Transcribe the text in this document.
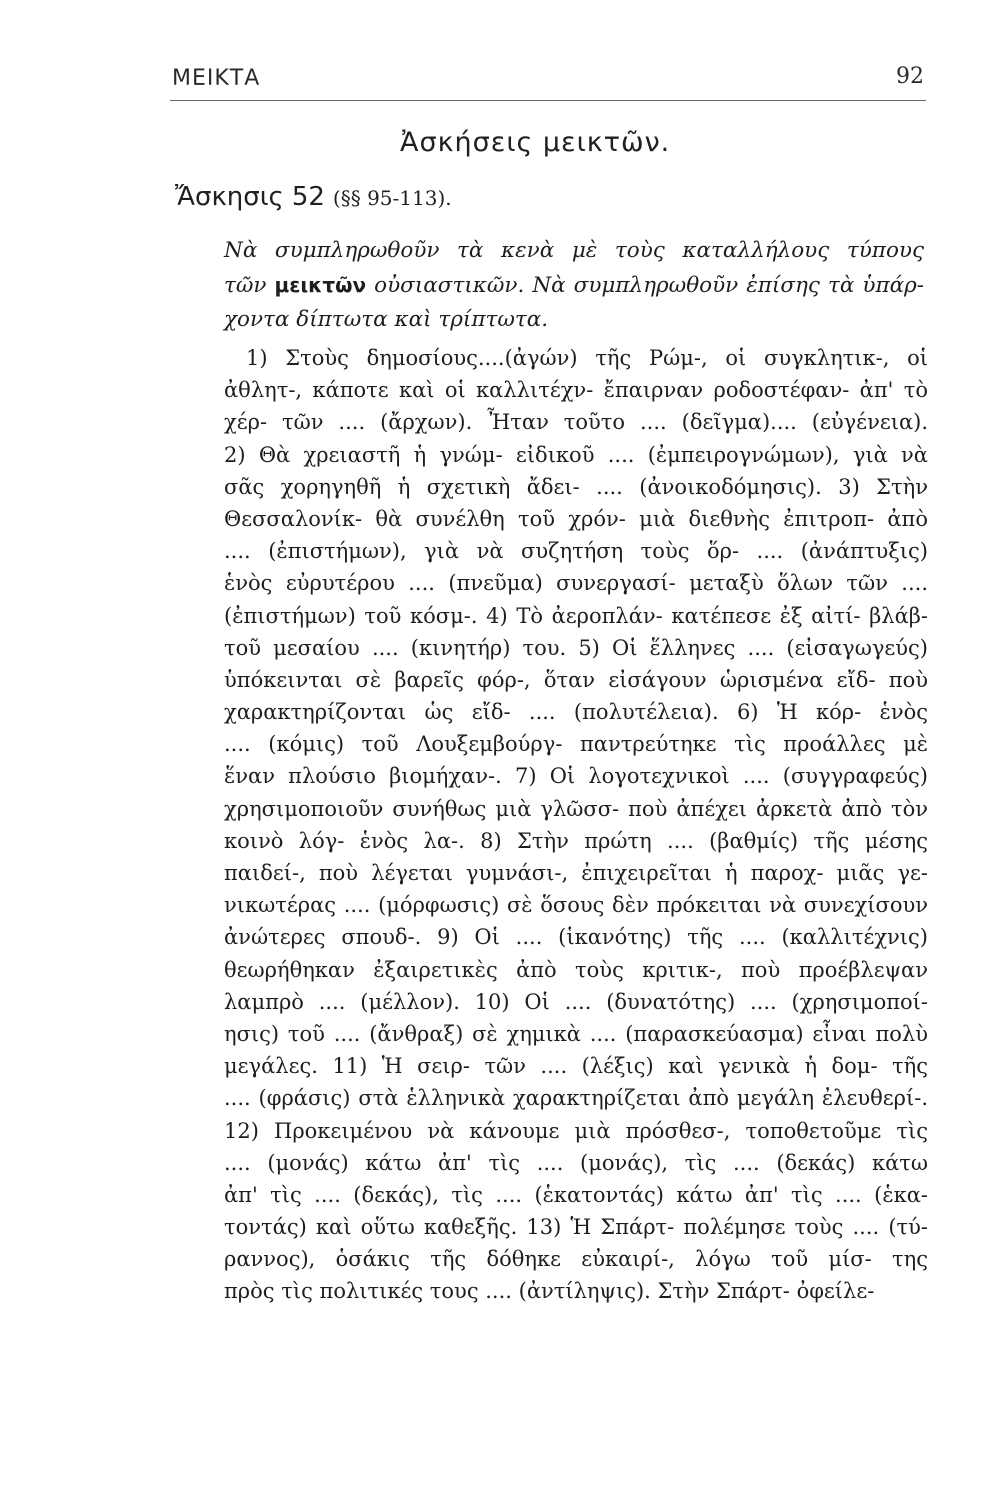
ΜΕΙΚΤΑ	92
Ἀσκήσεις μεικτῶν.
Ἄσκησις 52 (§§ 95-113).
Νὰ συμπληρωθοῦν τὰ κενὰ μὲ τοὺς καταλλήλους τύπους
τῶν μεικτῶν οὐσιαστικῶν. Νὰ συμπληρωθοῦν ἐπίσης τὰ ὑπάρ-
χοντα δίπτωτα καὶ τρίπτωτα.
1) Στοὺς δημοσίους....(ἀγών) τῆς Ρώμ-, οἱ συγκλητικ-, οἱ
ἀθλητ-, κάποτε καὶ οἱ καλλιτέχν- ἔπαιρναν ροδοστέφαν- ἀπ' τὸ
χέρ- τῶν .... (ἄρχων). Ἦταν τοῦτο .... (δεῖγμα).... (εὐγένεια).
2) Θὰ χρειαστῆ ἡ γνώμ- εἰδικοῦ .... (ἐμπειρογνώμων), γιὰ νὰ
σᾶς χορηγηθῆ ἡ σχετικὴ ἄδει- .... (ἀνοικοδόμησις). 3) Στὴν
Θεσσαλονίκ- θὰ συνέλθη τοῦ χρόν- μιὰ διεθνὴς ἐπιτροπ- ἀπὸ
.... (ἐπιστήμων), γιὰ νὰ συζητήση τοὺς ὅρ- .... (ἀνάπτυξις)
ἑνὸς εὐρυτέρου .... (πνεῦμα) συνεργασί- μεταξὺ ὅλων τῶν ....
(ἐπιστήμων) τοῦ κόσμ-. 4) Τὸ ἀεροπλάν- κατέπεσε ἐξ αἰτί- βλάβ-
τοῦ μεσαίου .... (κινητήρ) του. 5) Οἱ ἕλληνες .... (εἰσαγωγεύς)
ὑπόκεινται σὲ βαρεῖς φόρ-, ὅταν εἰσάγουν ὡρισμένα εἴδ- ποὺ
χαρακτηρίζονται ὡς εἴδ- .... (πολυτέλεια). 6) Ἡ κόρ- ἑνὸς
.... (κόμις) τοῦ Λουξεμβούργ- παντρεύτηκε τὶς προάλλες μὲ
ἕναν πλούσιο βιομήχαν-. 7) Οἱ λογοτεχνικοὶ .... (συγγραφεύς)
χρησιμοποιοῦν συνήθως μιὰ γλῶσσ- ποὺ ἀπέχει ἀρκετὰ ἀπὸ τὸν
κοινὸ λόγ- ἑνὸς λα-. 8) Στὴν πρώτη .... (βαθμίς) τῆς μέσης
παιδεί-, ποὺ λέγεται γυμνάσι-, ἐπιχειρεῖται ἡ παροχ- μιᾶς γε-
νικωτέρας .... (μόρφωσις) σὲ ὅσους δὲν πρόκειται νὰ συνεχίσουν
ἀνώτερες σπουδ-. 9) Οἱ .... (ἱκανότης) τῆς .... (καλλιτέχνις)
θεωρήθηκαν ἐξαιρετικὲς ἀπὸ τοὺς κριτικ-, ποὺ προέβλεψαν
λαμπρὸ .... (μέλλον). 10) Οἱ .... (δυνατότης) .... (χρησιμοποί-
ησις) τοῦ .... (ἄνθραξ) σὲ χημικὰ .... (παρασκεύασμα) εἶναι πολὺ
μεγάλες. 11) Ἡ σειρ- τῶν .... (λέξις) καὶ γενικὰ ἡ δομ- τῆς
.... (φράσις) στὰ ἑλληνικὰ χαρακτηρίζεται ἀπὸ μεγάλη ἐλευθερί-.
12) Προκειμένου νὰ κάνουμε μιὰ πρόσθεσ-, τοποθετοῦμε τὶς
.... (μονάς) κάτω ἀπ' τὶς .... (μονάς), τὶς .... (δεκάς) κάτω
ἀπ' τὶς .... (δεκάς), τὶς .... (ἑκατοντάς) κάτω ἀπ' τὶς .... (ἑκα-
τοντάς) καὶ οὕτω καθεξῆς. 13) Ἡ Σπάρτ- πολέμησε τοὺς .... (τύ-
ραννος), ὁσάκις τῆς δόθηκε εὐκαιρί-, λόγω τοῦ μίσ- της
πρὸς τὶς πολιτικές τους .... (ἀντίληψις). Στὴν Σπάρτ- ὀφείλε-
